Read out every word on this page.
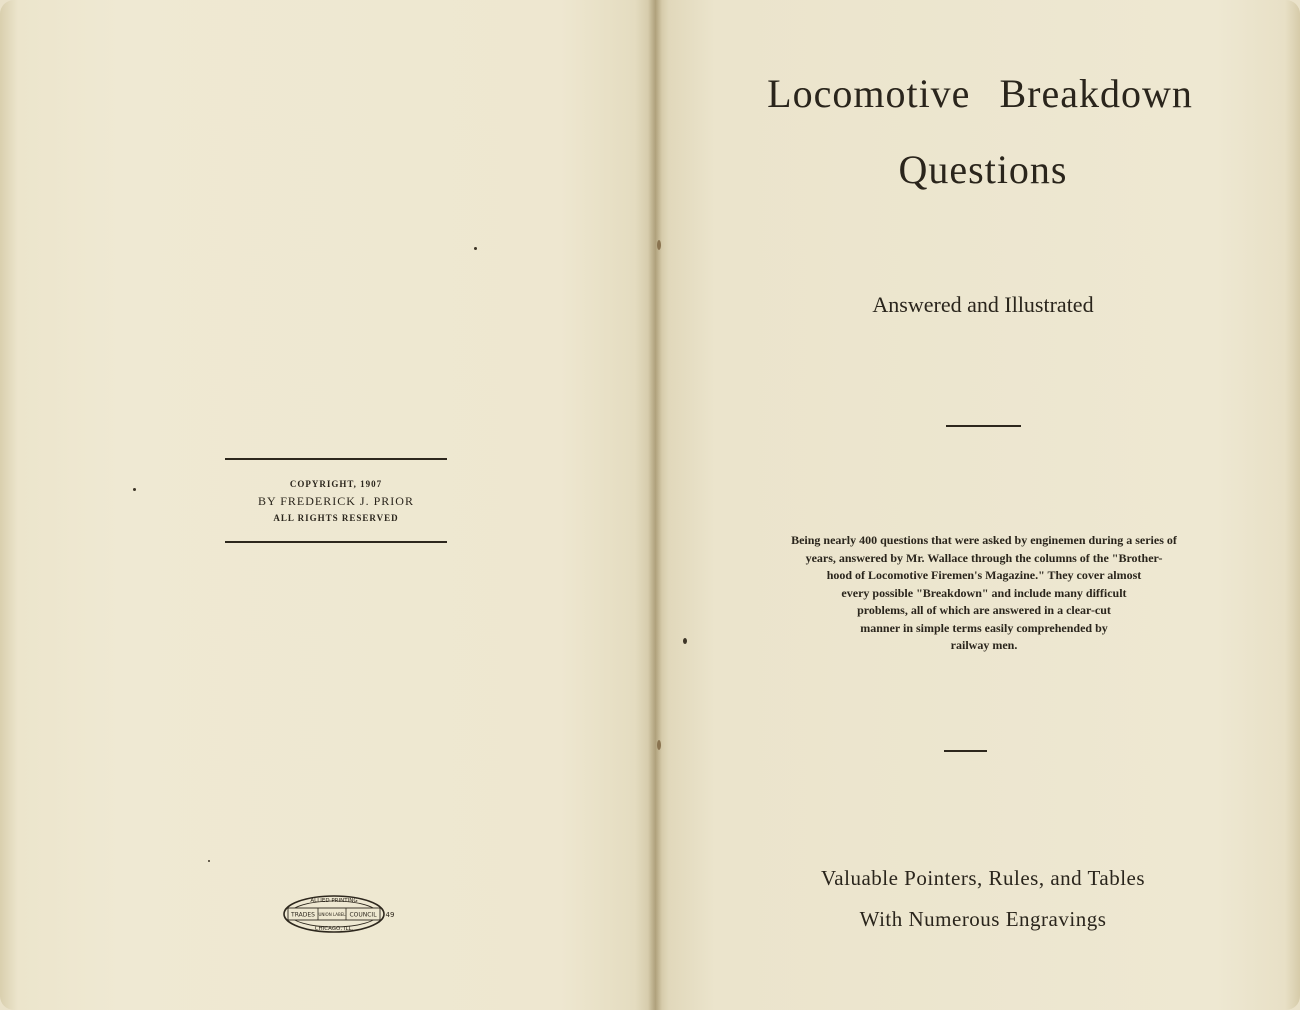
COPYRIGHT, 1907
BY FREDERICK J. PRIOR
ALL RIGHTS RESERVED
ALLIED PRINTING
TRADES UNION LABEL COUNCIL
CHICAGO, ILL.
49
Locomotive Breakdown
Questions
Answered and Illustrated
Being nearly 400 questions that were asked by enginemen during a series of
years, answered by Mr. Wallace through the columns of the "Brother-
hood of Locomotive Firemen's Magazine." They cover almost
every possible "Breakdown" and include many difficult
problems, all of which are answered in a clear-cut
manner in simple terms easily comprehended by
railway men.
Valuable Pointers, Rules, and Tables
With Numerous Engravings
